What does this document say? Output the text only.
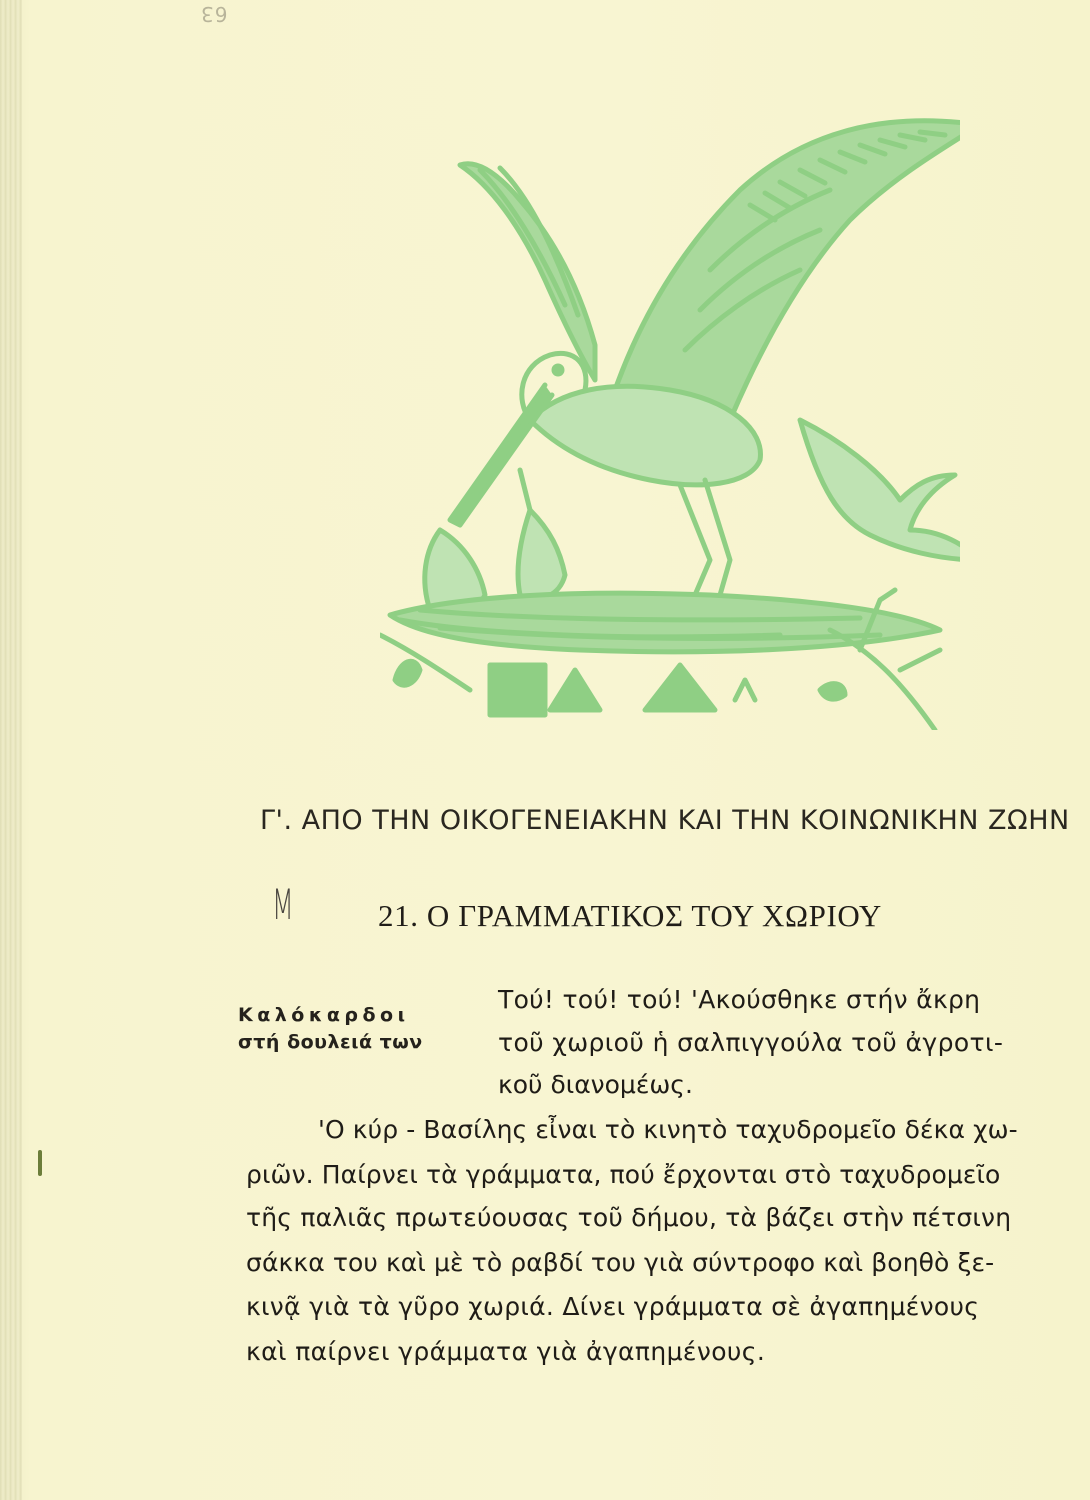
63
Γ'. ΑΠΟ ΤΗΝ ΟΙΚΟΓΕΝΕΙΑΚΗΝ ΚΑΙ ΤΗΝ ΚΟΙΝΩΝΙΚΗΝ ΖΩΗΝ
M	21. Ο ΓΡΑΜΜΑΤΙΚΟΣ ΤΟΥ ΧΩΡΙΟΥ
Καλόκαρδοι
στή δουλειά των
Τού! τού! τού! 'Ακούσθηκε στήν ἄκρη
τοῦ χωριοῦ ἡ σαλπιγγούλα τοῦ ἀγροτι-
κοῦ διανομέως.
'Ο κύρ - Βασίλης εἶναι τὸ κινητὸ ταχυδρομεῖο δέκα χω-
ριῶν. Παίρνει τὰ γράμματα, πού ἔρχονται στὸ ταχυδρομεῖο
τῆς παλιᾶς πρωτεύουσας τοῦ δήμου, τὰ βάζει στὴν πέτσινη
σάκκα του καὶ μὲ τὸ ραβδί του γιὰ σύντροφο καὶ βοηθὸ ξε-
κινᾷ γιὰ τὰ γῦρο χωριά. Δίνει γράμματα σὲ ἀγαπημένους
καὶ παίρνει γράμματα γιὰ ἀγαπημένους.
